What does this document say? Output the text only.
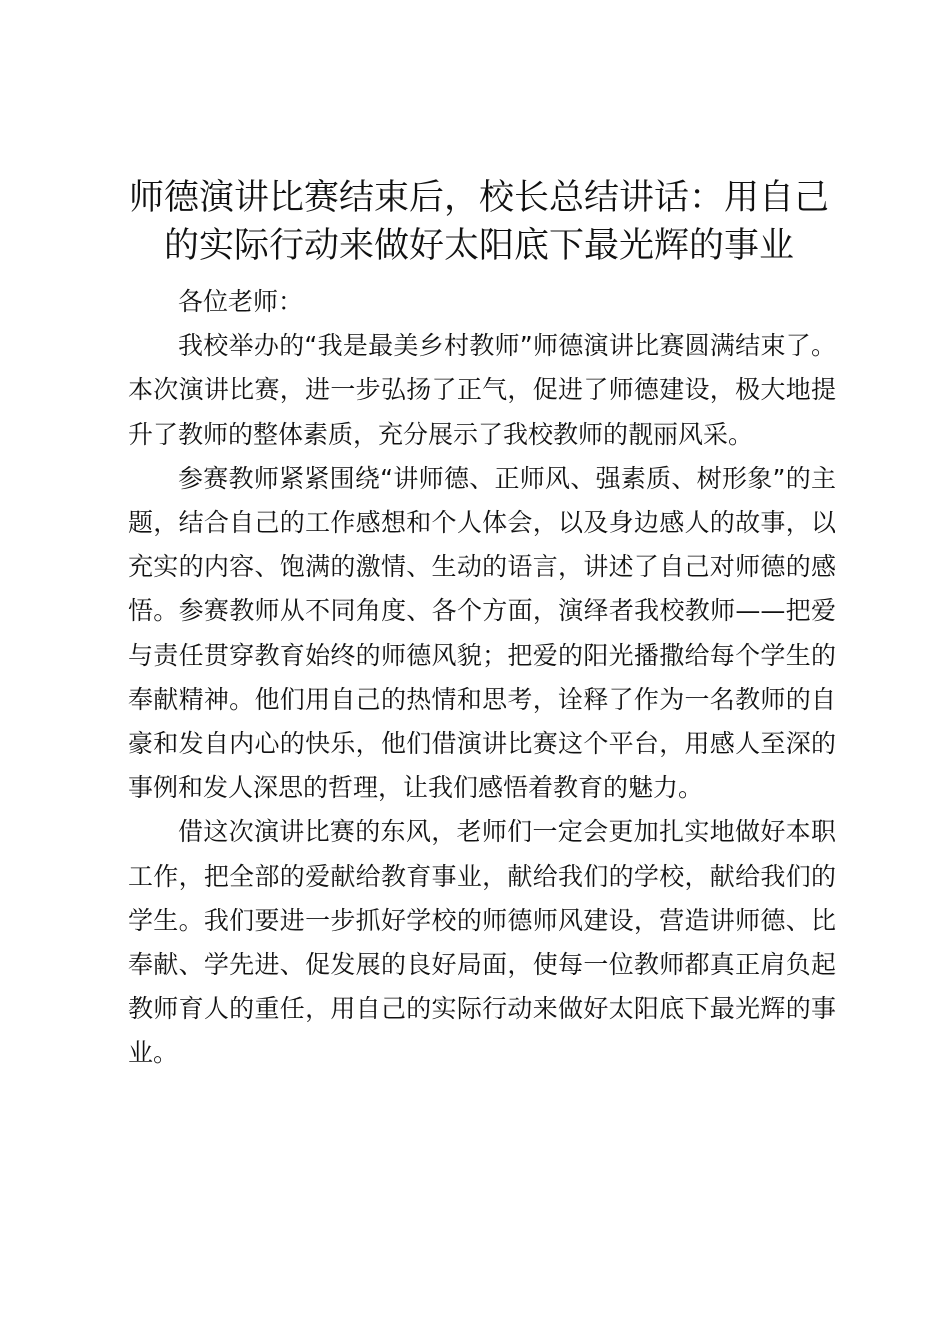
师德演讲比赛结束后，校长总结讲话：用自己的实际行动来做好太阳底下最光辉的事业

各位老师：

我校举办的“我是最美乡村教师”师德演讲比赛圆满结束了。本次演讲比赛，进一步弘扬了正气，促进了师德建设，极大地提升了教师的整体素质，充分展示了我校教师的靓丽风采。

参赛教师紧紧围绕“讲师德、正师风、强素质、树形象”的主题，结合自己的工作感想和个人体会，以及身边感人的故事，以充实的内容、饱满的激情、生动的语言，讲述了自己对师德的感悟。参赛教师从不同角度、各个方面，演绎者我校教师——把爱与责任贯穿教育始终的师德风貌；把爱的阳光播撒给每个学生的奉献精神。他们用自己的热情和思考，诠释了作为一名教师的自豪和发自内心的快乐，他们借演讲比赛这个平台，用感人至深的事例和发人深思的哲理，让我们感悟着教育的魅力。

借这次演讲比赛的东风，老师们一定会更加扎实地做好本职工作，把全部的爱献给教育事业，献给我们的学校，献给我们的学生。我们要进一步抓好学校的师德师风建设，营造讲师德、比奉献、学先进、促发展的良好局面，使每一位教师都真正肩负起教师育人的重任，用自己的实际行动来做好太阳底下最光辉的事业。
